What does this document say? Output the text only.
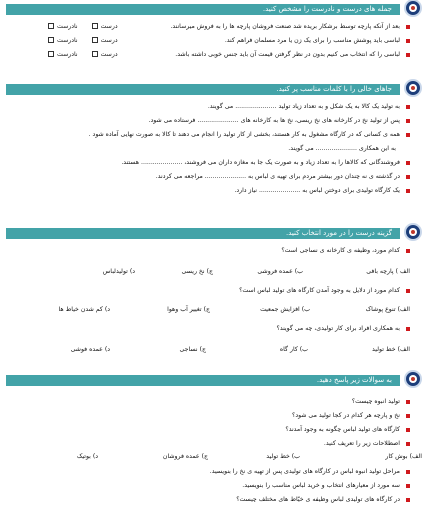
جمله های درست و نادرست را مشخص کنید.
بعد از آنکه پارچه توسط برشکار بریده شد صنعت فروشان پارچه ها را به فروش میرسانند.
درست نادرست
لباسی باید پوشش مناسب را برای یک زن یا مرد مسلمان فراهم کند.
درست نادرست
لباسی را که انتخاب می کنیم بدون در نظر گرفتن قیمت آن باید جنس خوبی داشته باشد.
درست نادرست
جاهای خالی را با کلمات مناسب پر کنید.
به تولید یک کالا به یک شکل و به تعداد زیاد تولید ..................... می گویند.
پس از تولید نخ در کارخانه های نخ ریسی، نخ ها به کارخانه های ..................... فرستاده می شود.
همه ی کسانی که در کارگاه مشغول به کار هستند، بخشی از کار تولید را انجام می دهند تا کالا به صورت نهایی آماده شود .
به این همکاری ..................... می گویند.
فروشندگانی که کالاها را به تعداد زیاد و به صورت یک جا به مغازه داران می فروشند، ..................... هستند.
در گذشته ی نه چندان دور بیشتر مردم برای تهیه ی لباس به ..................... مراجعه می کردند.
یک کارگاه تولیدی برای دوختن لباس به ..................... نیاز دارد.
گزینه درست را در مورد انتخاب کنید.
کدام مورد، وظیفه ی کارخانه ی نساجی است؟
الف ) پارچه بافی
ب) عمده فروشی
ج) نخ ریسی
د) تولیدلباس
کدام مورد از دلایل به وجود آمدن کارگاه های تولید لباس است؟
الف) تنوع پوشاک
ب) افزایش جمعیت
ج) تغییر آب وهوا
د) کم شدن خیاط ها
به همکاری افراد برای کار تولیدی، چه می گویند؟
الف) خط تولید
ب) کار گاه
ج) نساجی
د) عمده فوشی
به سوالات زیر پاسخ دهید.
تولید انبوه چیست؟
نخ و پارچه هر کدام در کجا تولید می شود؟
کارگاه های تولید لباس چگونه به وجود آمدند؟
اصطلاحات زیر را تعریف کنید.
الف) بوش کار
ب) خط تولید
ج) عمده فروشان
د) بوتیک
مراحل تولید انبوه لباس در کارگاه های تولیدی پس از تهیه ی نخ را بنویسید.
سه مورد از معیارهای انتخاب و خرید لباس مناسب را بنویسید.
در کارگاه های تولیدی لباس وظیفه ی خیّاط های مختلف چیست؟
